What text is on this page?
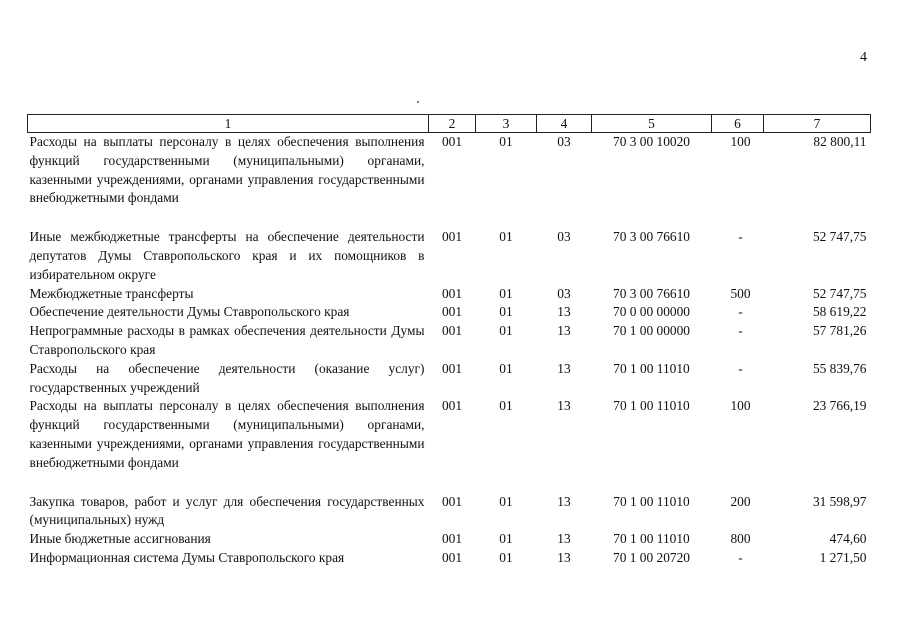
4
1	2	3	4	5	6	7
Расходы на выплаты персоналу в целях обеспечения выполнения функций государственными (муниципальными) органами, казенными учреждениями, органами управления государственными внебюджетными фондами	001	01	03	70 3 00 10020	100	82 800,11
Иные межбюджетные трансферты на обеспечение деятельности депутатов Думы Ставропольского края и их помощников в избирательном округе	001	01	03	70 3 00 76610	-	52 747,75
Межбюджетные трансферты	001	01	03	70 3 00 76610	500	52 747,75
Обеспечение деятельности Думы Ставропольского края	001	01	13	70 0 00 00000	-	58 619,22
Непрограммные расходы в рамках обеспечения деятельности Думы Ставропольского края	001	01	13	70 1 00 00000	-	57 781,26
Расходы на обеспечение деятельности (оказание услуг) государственных учреждений	001	01	13	70 1 00 11010	-	55 839,76
Расходы на выплаты персоналу в целях обеспечения выполнения функций государственными (муниципальными) органами, казенными учреждениями, органами управления государственными внебюджетными фондами	001	01	13	70 1 00 11010	100	23 766,19
Закупка товаров, работ и услуг для обеспечения государственных (муниципальных) нужд	001	01	13	70 1 00 11010	200	31 598,97
Иные бюджетные ассигнования	001	01	13	70 1 00 11010	800	474,60
Информационная система Думы Ставропольского края	001	01	13	70 1 00 20720	-	1 271,50
